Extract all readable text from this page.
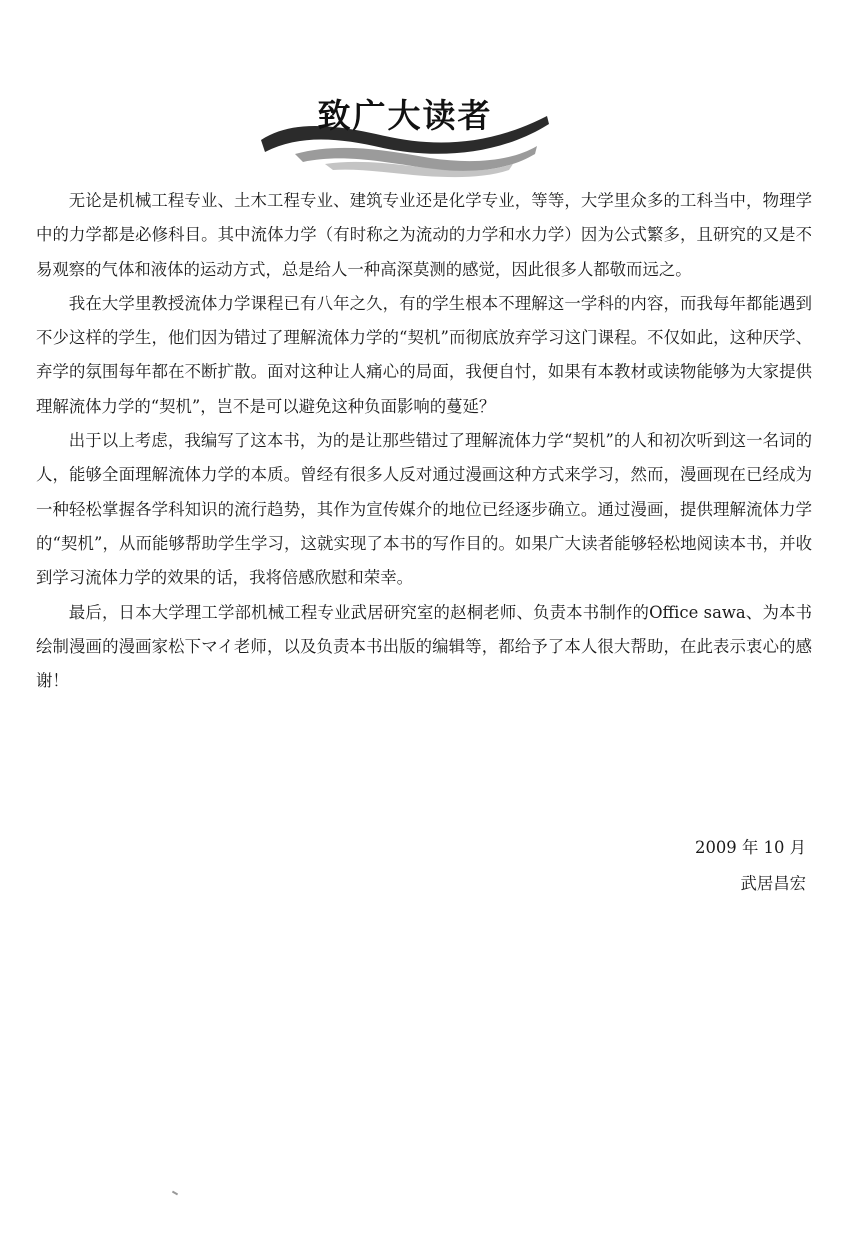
致广大读者

无论是机械工程专业、土木工程专业、建筑专业还是化学专业，等等，大学里众多的工科当中，物理学中的力学都是必修科目。其中流体力学（有时称之为流动的力学和水力学）因为公式繁多，且研究的又是不易观察的气体和液体的运动方式，总是给人一种高深莫测的感觉，因此很多人都敬而远之。

我在大学里教授流体力学课程已有八年之久，有的学生根本不理解这一学科的内容，而我每年都能遇到不少这样的学生，他们因为错过了理解流体力学的“契机”而彻底放弃学习这门课程。不仅如此，这种厌学、弃学的氛围每年都在不断扩散。面对这种让人痛心的局面，我便自忖，如果有本教材或读物能够为大家提供理解流体力学的“契机”，岂不是可以避免这种负面影响的蔓延？

出于以上考虑，我编写了这本书，为的是让那些错过了理解流体力学“契机”的人和初次听到这一名词的人，能够全面理解流体力学的本质。曾经有很多人反对通过漫画这种方式来学习，然而，漫画现在已经成为一种轻松掌握各学科知识的流行趋势，其作为宣传媒介的地位已经逐步确立。通过漫画，提供理解流体力学的“契机”，从而能够帮助学生学习，这就实现了本书的写作目的。如果广大读者能够轻松地阅读本书，并收到学习流体力学的效果的话，我将倍感欣慰和荣幸。

最后，日本大学理工学部机械工程专业武居研究室的赵桐老师、负责本书制作的Office sawa、为本书绘制漫画的漫画家松下マイ老师，以及负责本书出版的编辑等，都给予了本人很大帮助，在此表示衷心的感谢！

2009 年 10 月
武居昌宏
